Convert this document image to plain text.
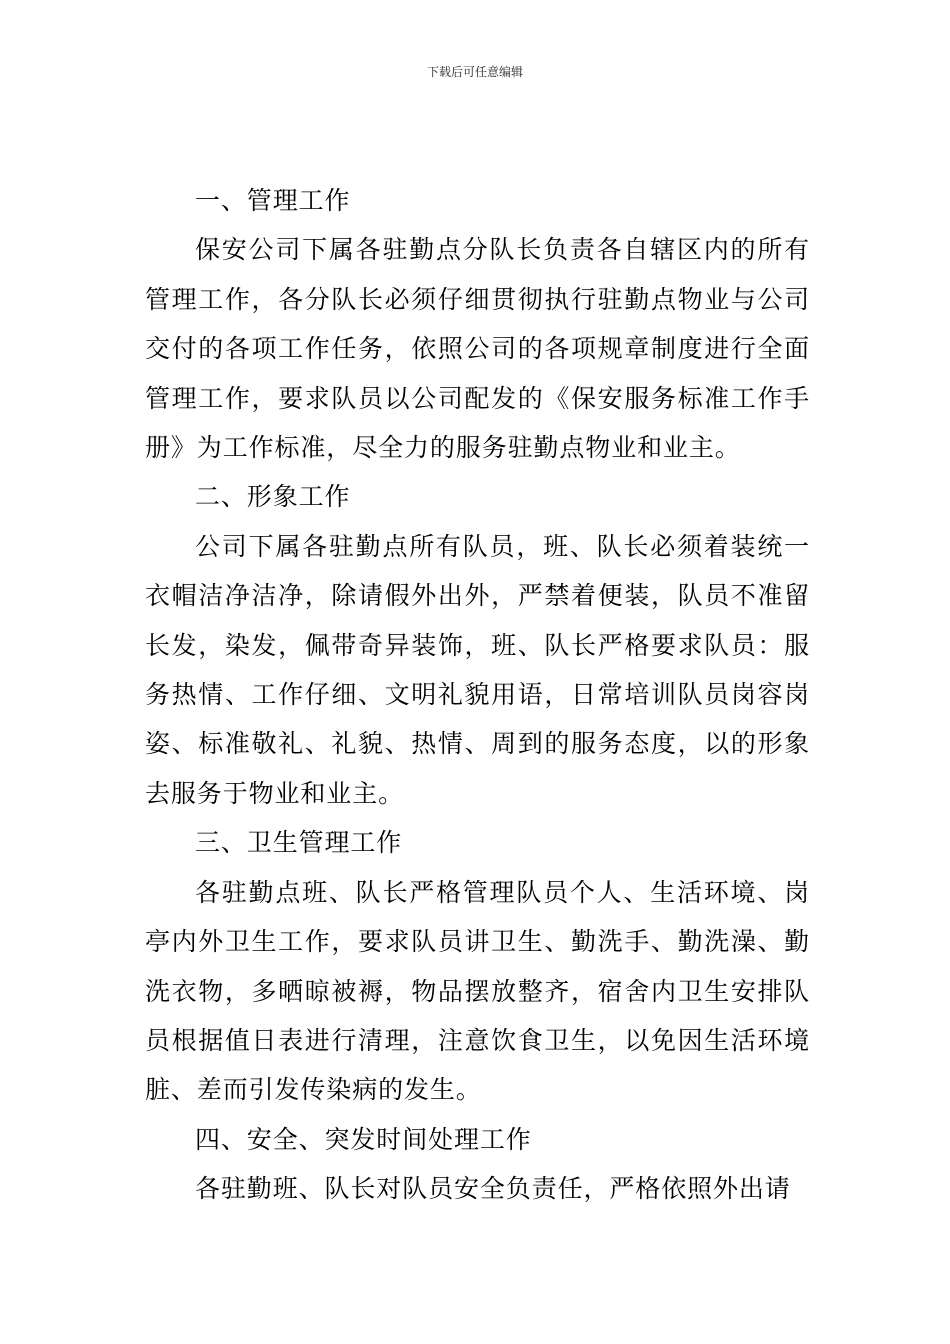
下载后可任意编辑

一、管理工作

保安公司下属各驻勤点分队长负责各自辖区内的所有管理工作，各分队长必须仔细贯彻执行驻勤点物业与公司交付的各项工作任务，依照公司的各项规章制度进行全面管理工作，要求队员以公司配发的《保安服务标准工作手册》为工作标准，尽全力的服务驻勤点物业和业主。

二、形象工作

公司下属各驻勤点所有队员，班、队长必须着装统一衣帽洁净洁净，除请假外出外，严禁着便装，队员不准留长发，染发，佩带奇异装饰，班、队长严格要求队员：服务热情、工作仔细、文明礼貌用语，日常培训队员岗容岗姿、标准敬礼、礼貌、热情、周到的服务态度，以的形象去服务于物业和业主。

三、卫生管理工作

各驻勤点班、队长严格管理队员个人、生活环境、岗亭内外卫生工作，要求队员讲卫生、勤洗手、勤洗澡、勤洗衣物，多晒晾被褥，物品摆放整齐，宿舍内卫生安排队员根据值日表进行清理，注意饮食卫生，以免因生活环境脏、差而引发传染病的发生。

四、安全、突发时间处理工作

各驻勤班、队长对队员安全负责任，严格依照外出请
